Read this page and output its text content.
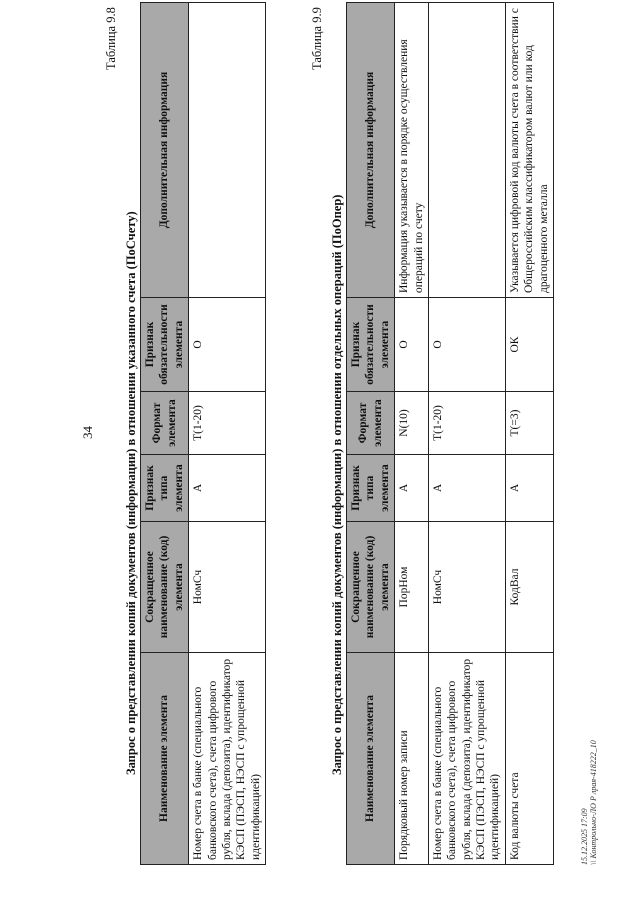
34
Таблица 9.8
Запрос о представлении копий документов (информации) в отношении указанного счета (ПоСчету) Наименование элемента	Сокращенное наименование (код) элемента	Признак типа элемента	Формат элемента	Признак обязательности элемента	Дополнительная информация
Номер счета в банке (специального банковского счета), счета цифрового рубля, вклада (депозита), идентификатор КЭСП (ПЭСП, НЭСП с упрощенной идентификацией)	НомСч	А	T(1-20)	О	
Таблица 9.9
Запрос о представлении копий документов (информации) в отношении отдельных операций (ПоОпер) Наименование элемента	Сокращенное наименование (код) элемента	Признак типа элемента	Формат элемента	Признак обязательности элемента	Дополнительная информация
Порядковый номер записи	ПорНом	А	N(10)	О	Информация указывается в порядке осуществления операций по счету
Номер счета в банке (специального банковского счета), счета цифрового рубля, вклада (депозита), идентификатор КЭСП (ПЭСП, НЭСП с упрощенной идентификацией)	НомСч	А	T(1-20)	О	
Код валюты счета	КодВал	А	T(=3)	ОК	Указывается цифровой код валюты счета в соответствии с Общероссийским классификатором валют или код драгоценного металла
15.12.2025 17:09 \\ Контрольно-ЛО Р лрая-418222_10
